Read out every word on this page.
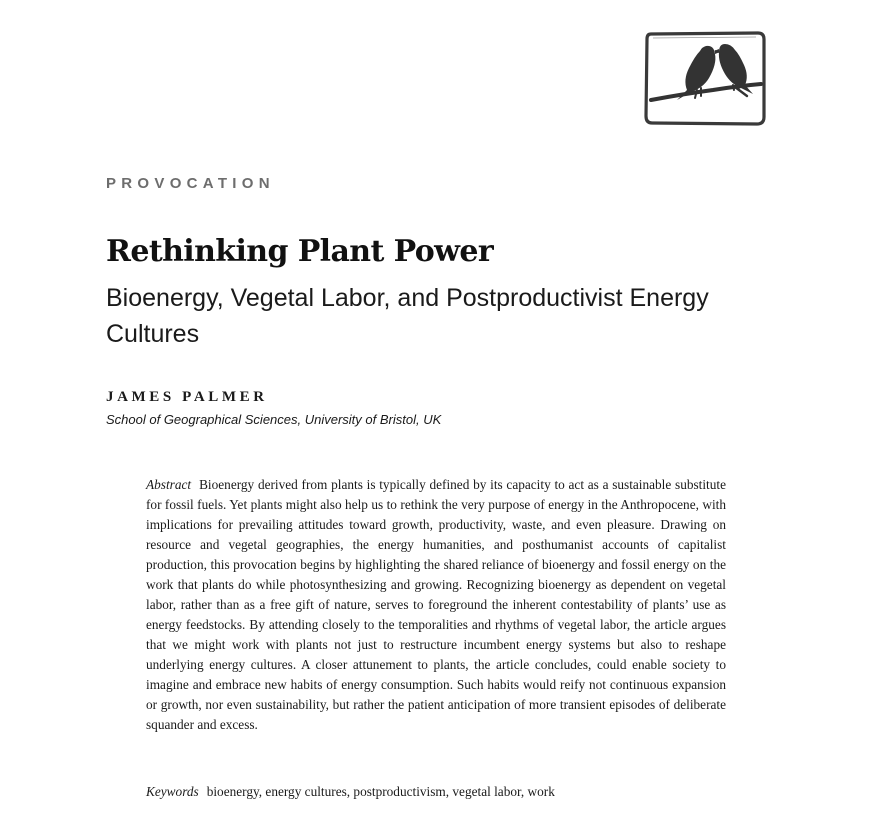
PROVOCATION
Rethinking Plant Power
Bioenergy, Vegetal Labor, and Postproductivist Energy Cultures
JAMES PALMER
School of Geographical Sciences, University of Bristol, UK

Abstract Bioenergy derived from plants is typically defined by its capacity to act as a sustainable substitute for fossil fuels. Yet plants might also help us to rethink the very purpose of energy in the Anthropocene, with implications for prevailing attitudes toward growth, productivity, waste, and even pleasure. Drawing on resource and vegetal geographies, the energy humanities, and posthumanist accounts of capitalist production, this provocation begins by highlighting the shared reliance of bioenergy and fossil energy on the work that plants do while photosynthesizing and growing. Recognizing bioenergy as dependent on vegetal labor, rather than as a free gift of nature, serves to foreground the inherent contestability of plants’ use as energy feedstocks. By attending closely to the temporalities and rhythms of vegetal labor, the article argues that we might work with plants not just to restructure incumbent energy systems but also to reshape underlying energy cultures. A closer attunement to plants, the article concludes, could enable society to imagine and embrace new habits of energy consumption. Such habits would reify not continuous expansion or growth, nor even sustainability, but rather the patient anticipation of more transient episodes of deliberate squander and excess.

Keywords bioenergy, energy cultures, postproductivism, vegetal labor, work
